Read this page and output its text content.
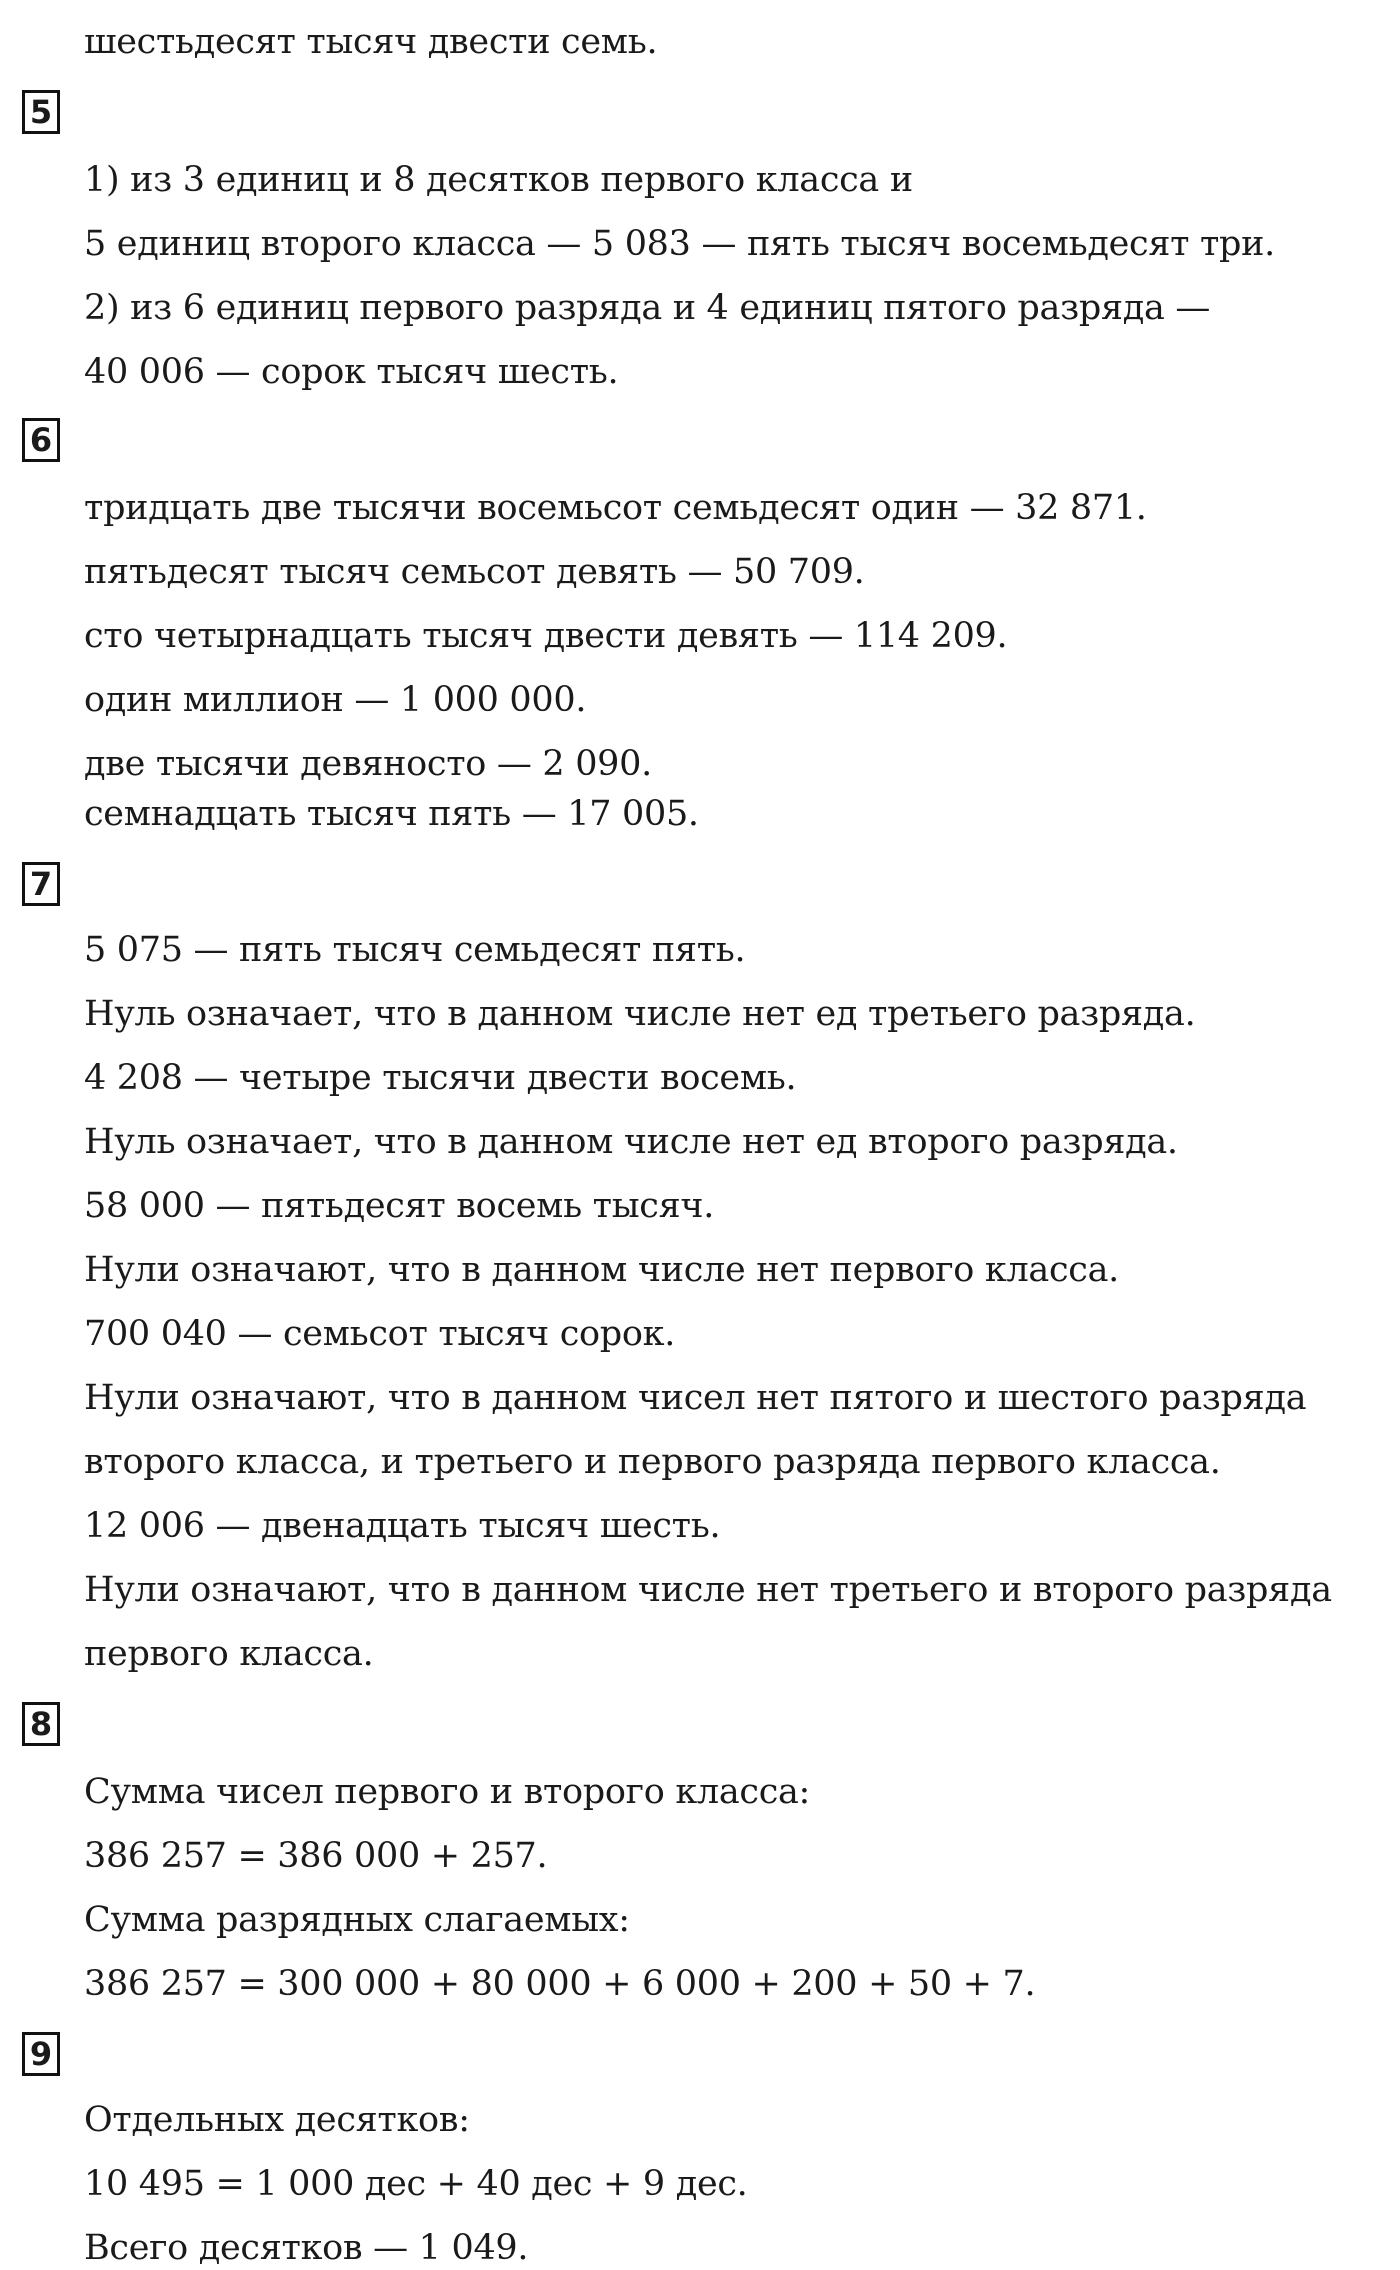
шестьдесят тысяч двести семь.
5
1) из 3 единиц и 8 десятков первого класса и
5 единиц второго класса — 5 083 — пять тысяч восемьдесят три.
2) из 6 единиц первого разряда и 4 единиц пятого разряда —
40 006 — сорок тысяч шесть.
6
тридцать две тысячи восемьсот семьдесят один — 32 871.
пятьдесят тысяч семьсот девять — 50 709.
сто четырнадцать тысяч двести девять — 114 209.
один миллион — 1 000 000.
две тысячи девяносто — 2 090.
семнадцать тысяч пять — 17 005.
7
5 075 — пять тысяч семьдесят пять.
Нуль означает, что в данном числе нет ед третьего разряда.
4 208 — четыре тысячи двести восемь.
Нуль означает, что в данном числе нет ед второго разряда.
58 000 — пятьдесят восемь тысяч.
Нули означают, что в данном числе нет первого класса.
700 040 — семьсот тысяч сорок.
Нули означают, что в данном чисел нет пятого и шестого разряда
второго класса, и третьего и первого разряда первого класса.
12 006 — двенадцать тысяч шесть.
Нули означают, что в данном числе нет третьего и второго разряда
первого класса.
8
Сумма чисел первого и второго класса:
386 257 = 386 000 + 257.
Сумма разрядных слагаемых:
386 257 = 300 000 + 80 000 + 6 000 + 200 + 50 + 7.
9
Отдельных десятков:
10 495 = 1 000 дес + 40 дес + 9 дес.
Всего десятков — 1 049.
